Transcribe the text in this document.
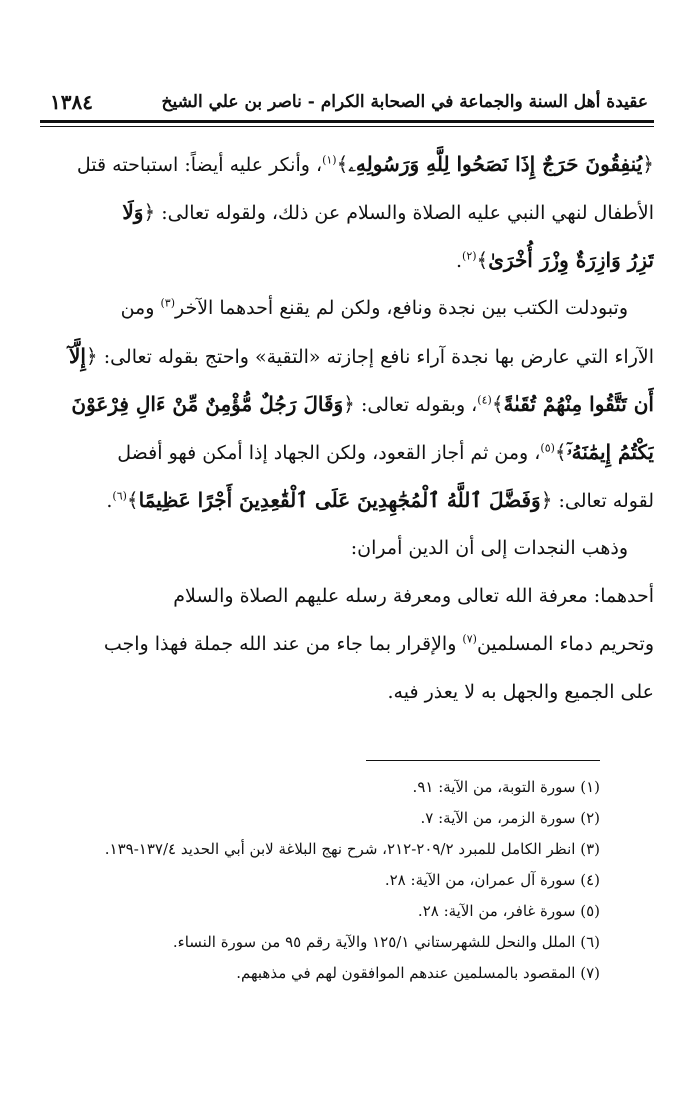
عقيدة أهل السنة والجماعة في الصحابة الكرام - ناصر بن علي الشيخ
١٣٨٤
﴿يُنفِقُونَ حَرَجٌ إِذَا نَصَحُوا لِلَّهِ وَرَسُولِهِۦ﴾$^{(١)}$، وأنكر عليه أيضاً: استباحته قتل
الأطفال لنهي النبي عليه الصلاة والسلام عن ذلك، ولقوله تعالى: ﴿وَلَا
تَزِرُ وَازِرَةٌ وِزْرَ أُخْرَىٰ﴾$^{(٢)}$.
وتبودلت الكتب بين نجدة ونافع، ولكن لم يقنع أحدهما الآخر$^{(٣)}$ ومن
الآراء التي عارض بها نجدة آراء نافع إجازته «التقية» واحتج بقوله تعالى: ﴿إِلَّآ
أَن تَتَّقُوا مِنْهُمْ تُقَىٰةً﴾$^{(٤)}$، وبقوله تعالى: ﴿وَقَالَ رَجُلٌ مُّؤْمِنٌ مِّنْ ءَالِ فِرْعَوْنَ
يَكْتُمُ إِيمَٰنَهُۥٓ﴾$^{(٥)}$، ومن ثم أجاز القعود، ولكن الجهاد إذا أمكن فهو أفضل
لقوله تعالى: ﴿وَفَضَّلَ ٱللَّهُ ٱلْمُجَٰهِدِينَ عَلَى ٱلْقَٰعِدِينَ أَجْرًا عَظِيمًا﴾$^{(٦)}$.
وذهب النجدات إلى أن الدين أمران:
أحدهما: معرفة الله تعالى ومعرفة رسله عليهم الصلاة والسلام
وتحريم دماء المسلمين$^{(٧)}$ والإقرار بما جاء من عند الله جملة فهذا واجب
على الجميع والجهل به لا يعذر فيه.
(١) سورة التوبة، من الآية: ٩١.
(٢) سورة الزمر، من الآية: ٧.
(٣) انظر الكامل للمبرد ٢٠٩/٢-٢١٢، شرح نهج البلاغة لابن أبي الحديد ١٣٧/٤-١٣٩.
(٤) سورة آل عمران، من الآية: ٢٨.
(٥) سورة غافر، من الآية: ٢٨.
(٦) الملل والنحل للشهرستاني ١٢٥/١ والآية رقم ٩٥ من سورة النساء.
(٧) المقصود بالمسلمين عندهم الموافقون لهم في مذهبهم.
